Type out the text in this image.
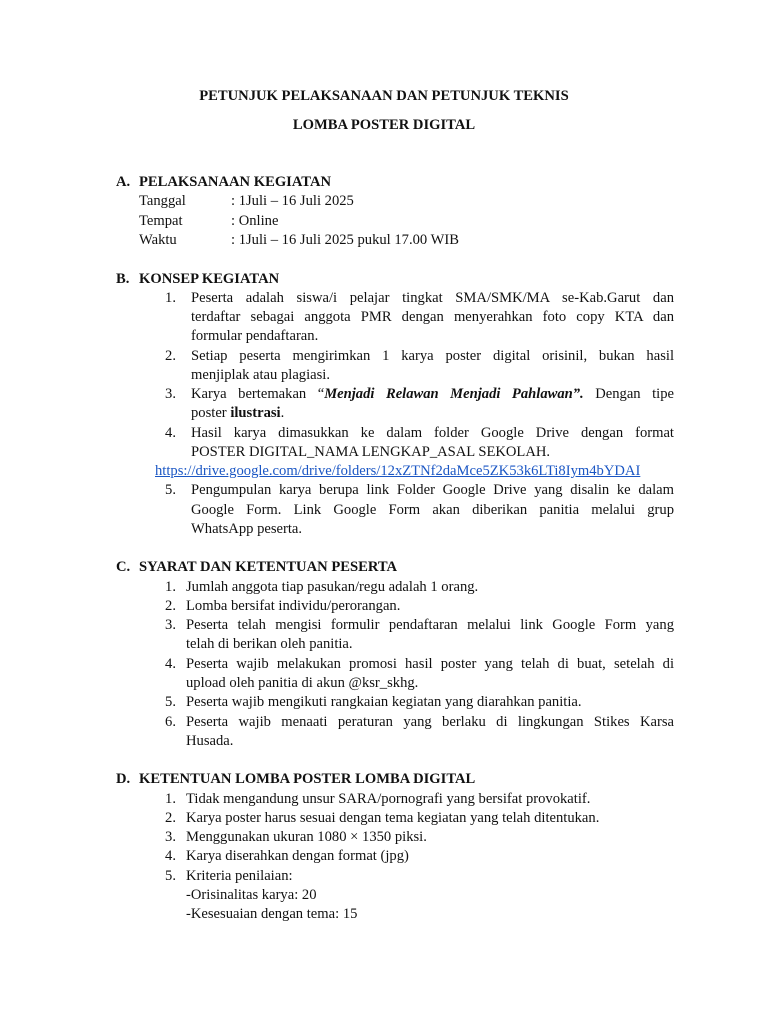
PETUNJUK PELAKSANAAN DAN PETUNJUK TEKNIS
LOMBA POSTER DIGITAL
A. PELAKSANAAN KEGIATAN
Tanggal	: 1Juli – 16 Juli 2025
Tempat	: Online
Waktu	: 1Juli – 16 Juli 2025 pukul 17.00 WIB
B. KONSEP KEGIATAN
1. Peserta adalah siswa/i pelajar tingkat SMA/SMK/MA se-Kab.Garut dan
terdaftar sebagai anggota PMR dengan menyerahkan foto copy KTA dan
formular pendaftaran.
2. Setiap peserta mengirimkan 1 karya poster digital orisinil, bukan hasil
menjiplak atau plagiasi.
3. Karya bertemakan “Menjadi Relawan Menjadi Pahlawan”. Dengan tipe
poster ilustrasi.
4. Hasil karya dimasukkan ke dalam folder Google Drive dengan format
POSTER DIGITAL_NAMA LENGKAP_ASAL SEKOLAH.
https://drive.google.com/drive/folders/12xZTNf2daMce5ZK53k6LTi8Iym4bYDAI
5. Pengumpulan karya berupa link Folder Google Drive yang disalin ke dalam
Google Form. Link Google Form akan diberikan panitia melalui grup
WhatsApp peserta.
C. SYARAT DAN KETENTUAN PESERTA
1. Jumlah anggota tiap pasukan/regu adalah 1 orang.
2. Lomba bersifat individu/perorangan.
3. Peserta telah mengisi formulir pendaftaran melalui link Google Form yang
telah di berikan oleh panitia.
4. Peserta wajib melakukan promosi hasil poster yang telah di buat, setelah di
upload oleh panitia di akun @ksr_skhg.
5. Peserta wajib mengikuti rangkaian kegiatan yang diarahkan panitia.
6. Peserta wajib menaati peraturan yang berlaku di lingkungan Stikes Karsa
Husada.
D. KETENTUAN LOMBA POSTER LOMBA DIGITAL
1. Tidak mengandung unsur SARA/pornografi yang bersifat provokatif.
2. Karya poster harus sesuai dengan tema kegiatan yang telah ditentukan.
3. Menggunakan ukuran 1080 × 1350 piksi.
4. Karya diserahkan dengan format (jpg)
5. Kriteria penilaian:
-Orisinalitas karya: 20
-Kesesuaian dengan tema: 15
